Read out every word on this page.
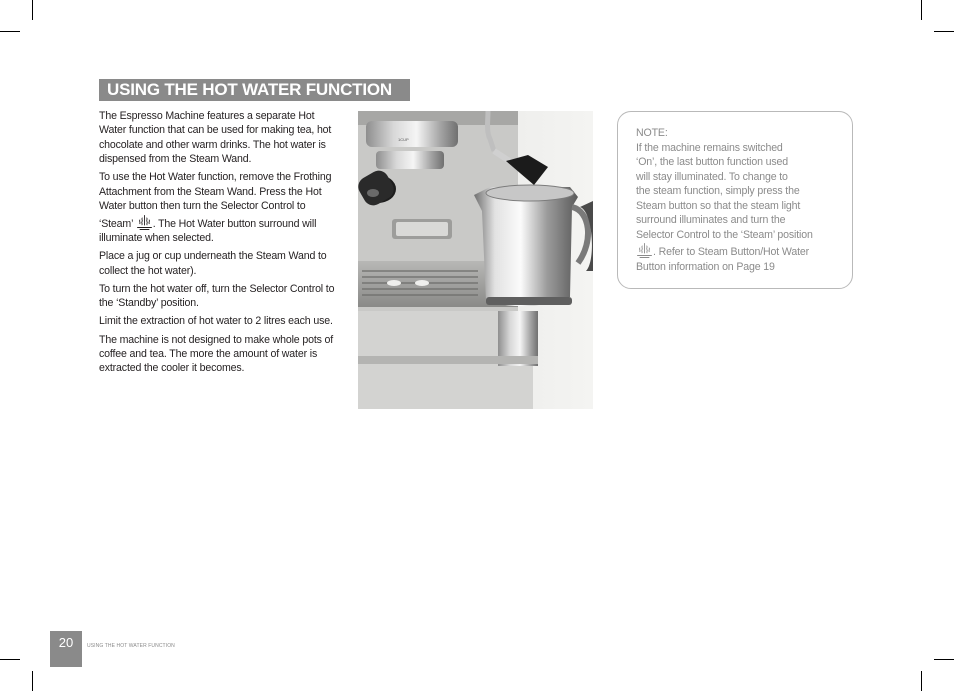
USING THE HOT WATER FUNCTION

The Espresso Machine features a separate Hot Water function that can be used for making tea, hot chocolate and other warm drinks. The hot water is dispensed from the Steam Wand.

To use the Hot Water function, remove the Frothing Attachment from the Steam Wand. Press the Hot Water button then turn the Selector Control to ‘Steam’ . The Hot Water button surround will illuminate when selected.

Place a jug or cup underneath the Steam Wand to collect the hot water).

To turn the hot water off, turn the Selector Control to the ‘Standby’ position.

Limit the extraction of hot water to 2 litres each use.

The machine is not designed to make whole pots of coffee and tea. The more the amount of water is extracted the cooler it becomes.

1CUP
NOTE:
If the machine remains switched
‘On’, the last button function used
will stay illuminated. To change to
the steam function, simply press the
Steam button so that the steam light
surround illuminates and turn the
Selector Control to the ‘Steam’ position
. Refer to Steam Button/Hot Water
Button information on Page 19
20	USING THE HOT WATER FUNCTION
